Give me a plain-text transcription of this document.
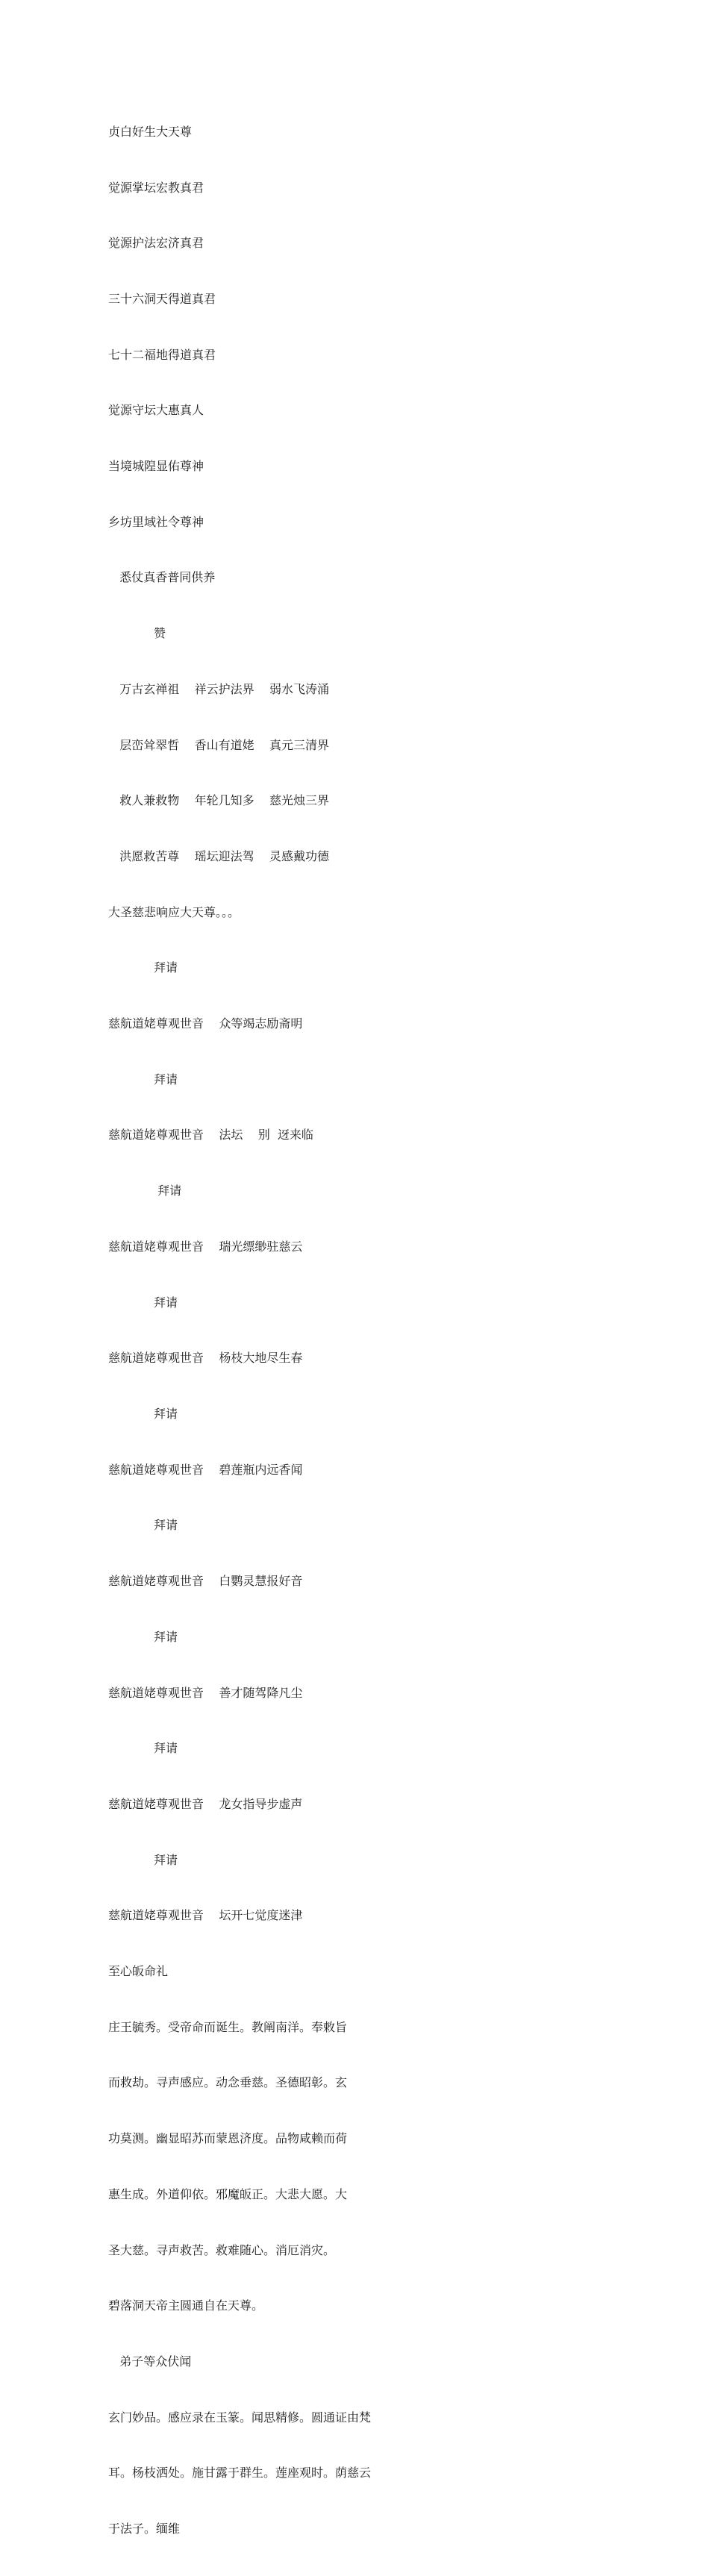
贞白好生大天尊

觉源掌坛宏教真君

觉源护法宏济真君

三十六洞天得道真君

七十二福地得道真君

觉源守坛大惠真人

当境城隍显佑尊神

乡坊里域社令尊神

悉仗真香普同供养

赞

万古玄禅祖    祥云护法界    弱水飞涛涌

层峦耸翠哲    香山有道姥    真元三清界

救人兼救物    年轮几知多    慈光烛三界

洪愿救苦尊    瑶坛迎法驾    灵感戴功德

大圣慈悲响应大天尊。。。

拜请

慈航道姥尊观世音    众等竭志励斋明

拜请

慈航道姥尊观世音    法坛    别  迓来临

拜请

慈航道姥尊观世音    瑞光缥缈驻慈云

拜请

慈航道姥尊观世音    杨枝大地尽生春

拜请

慈航道姥尊观世音    碧莲瓶内远香闻

拜请

慈航道姥尊观世音    白鹦灵慧报好音

拜请

慈航道姥尊观世音    善才随驾降凡尘

拜请

慈航道姥尊观世音    龙女指导步虚声

拜请

慈航道姥尊观世音    坛开七觉度迷津

至心皈命礼

庄王毓秀。受帝命而诞生。教阐南洋。奉敕旨

而救劫。寻声感应。动念垂慈。圣德昭彰。玄

功莫测。幽显昭苏而蒙恩济度。品物咸赖而荷

惠生成。外道仰依。邪魔皈正。大悲大愿。大

圣大慈。寻声救苦。救难随心。消厄消灾。

碧落洞天帝主圆通自在天尊。

弟子等众伏闻

玄门妙品。感应录在玉篆。闻思精修。圆通证由梵

耳。杨枝洒处。施甘露于群生。莲座观时。荫慈云

于法子。缅维
